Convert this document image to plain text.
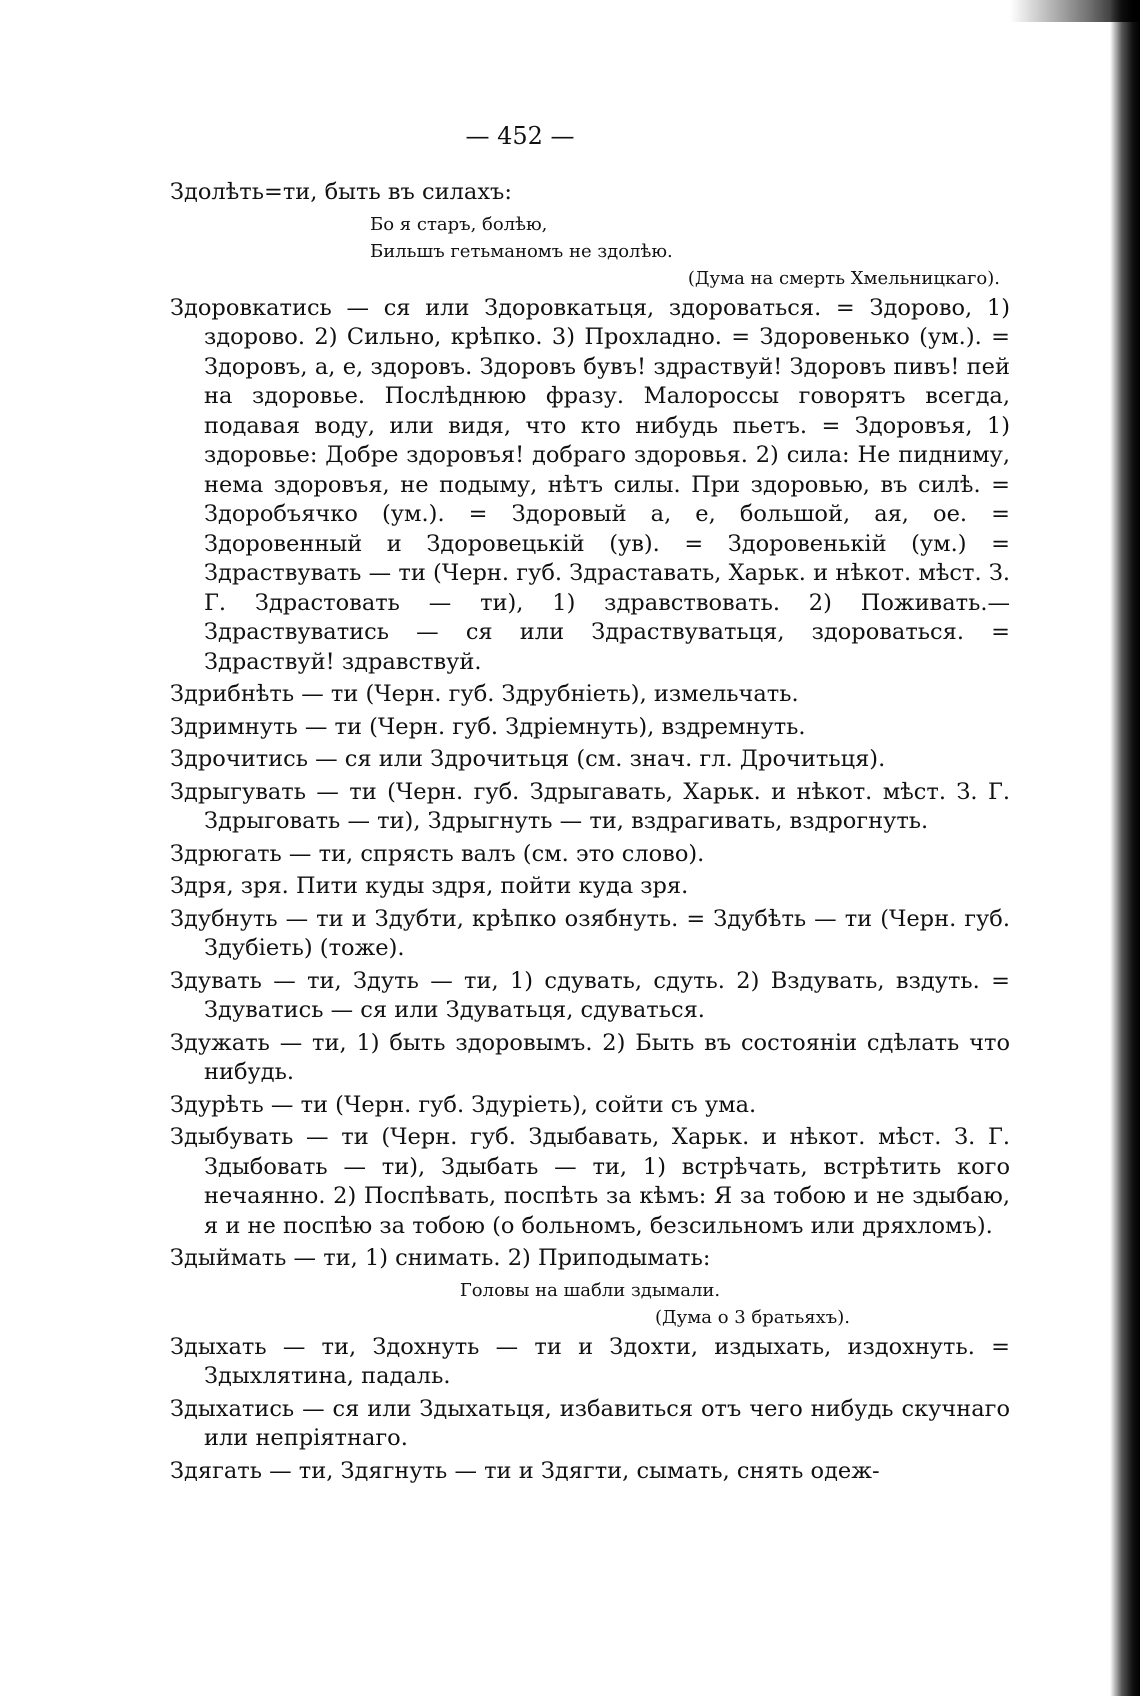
— 452 —

Здолѣть=ти, быть въ силахъ:

Бо я старъ, болѣю,
Бильшъ гетьманомъ не здолѣю.
(Дума на смерть Хмельницкаго).

Здоровкатись — ся или Здоровкатьця, здороваться. = Здорово, 1) здорово. 2) Сильно, крѣпко. 3) Прохладно. = Здоровенько (ум.). = Здоровъ, а, е, здоровъ. Здоровъ бувъ! здраствуй! Здоровъ пивъ! пей на здоровье. Послѣднюю фразу. Малороссы говорятъ всегда, подавая воду, или видя, что кто нибудь пьетъ. = Здоровъя, 1) здоровье: Добре здоровъя! добраго здоровья. 2) сила: Не пидниму, нема здоровъя, не подыму, нѣтъ силы. При здоровью, въ силѣ. = Здоробъячко (ум.). = Здоровый а, е, большой, ая, ое. = Здоровенный и Здоровецькій (ув). = Здоровенькій (ум.) = Здраствувать — ти (Черн. губ. Здраставать, Харьк. и нѣкот. мѣст. З. Г. Здрастовать — ти), 1) здравствовать. 2) Поживать.—Здраствуватись — ся или Здраствуватьця, здороваться. = Здраствуй! здравствуй.

Здрибнѣть — ти (Черн. губ. Здрубніеть), измельчать.

Здримнуть — ти (Черн. губ. Здріемнуть), вздремнуть.

Здрочитись — ся или Здрочитьця (см. знач. гл. Дрочитьця).

Здрыгувать — ти (Черн. губ. Здрыгавать, Харьк. и нѣкот. мѣст. З. Г. Здрыговать — ти), Здрыгнуть — ти, вздрагивать, вздрогнуть.

Здрюгать — ти, спрясть валъ (см. это слово).

Здря, зря. Пити куды здря, пойти куда зря.

Здубнуть — ти и Здубти, крѣпко озябнуть. = Здубѣть — ти (Черн. губ. Здубіеть) (тоже).

Здувать — ти, Здуть — ти, 1) сдувать, сдуть. 2) Вздувать, вздуть. = Здуватись — ся или Здуватьця, сдуваться.

Здужать — ти, 1) быть здоровымъ. 2) Быть въ состояніи сдѣлать что нибудь.

Здурѣть — ти (Черн. губ. Здуріеть), сойти съ ума.

Здыбувать — ти (Черн. губ. Здыбавать, Харьк. и нѣкот. мѣст. З. Г. Здыбовать — ти), Здыбать — ти, 1) встрѣчать, встрѣтить кого нечаянно. 2) Поспѣвать, поспѣть за кѣмъ: Я за тобою и не здыбаю, я и не поспѣю за тобою (о больномъ, безсильномъ или дряхломъ).

Здыймать — ти, 1) снимать. 2) Приподымать:

Головы на шабли здымали.
(Дума о 3 братьяхъ).

Здыхать — ти, Здохнуть — ти и Здохти, издыхать, издохнуть. = Здыхлятина, падаль.

Здыхатись — ся или Здыхатьця, избавиться отъ чего нибудь скучнаго или непріятнаго.

Здягать — ти, Здягнуть — ти и Здягти, сымать, снять одеж-
